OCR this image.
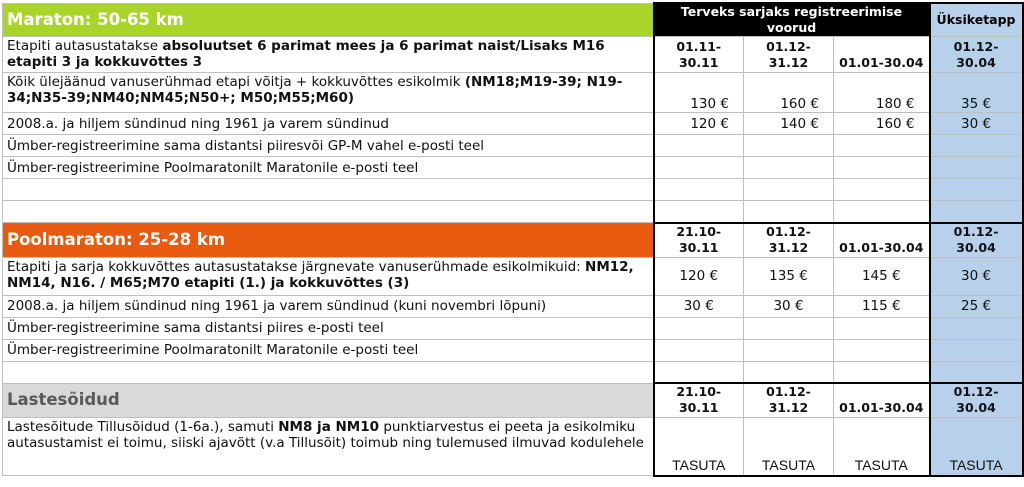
Maraton: 50-65 km	Terveks sarjaks registreerimise voorud			Üksiketapp
Etapiti autasustatakse absoluutset 6 parimat mees ja 6 parimat naist/Lisaks M16 etapiti 3 ja kokkuvõttes 3	01.11-30.11	01.12-31.12	01.01-30.04	01.12-30.04
Kõik ülejäänud vanuserühmad etapi võitja + kokkuvõttes esikolmik (NM18;M19-39; N19-34;N35-39;NM40;NM45;N50+; M50;M55;M60)	130 €	160 €	180 €	35 €
2008.a. ja hiljem sündinud ning 1961 ja varem sündinud	120 €	140 €	160 €	30 €
Ümber-registreerimine sama distantsi piiresvõi GP-M vahel e-posti teel				
Ümber-registreerimine Poolmaratonilt Maratonile e-posti teel				

Poolmaraton: 25-28 km	21.10-30.11	01.12-31.12	01.01-30.04	01.12-30.04
Etapiti ja sarja kokkuvõttes autasustatakse järgnevate vanuserühmade esikolmikuid: NM12, NM14, N16. / M65;M70 etapiti (1.) ja kokkuvõttes (3)	120 €	135 €	145 €	30 €
2008.a. ja hiljem sündinud ning 1961 ja varem sündinud (kuni novembri lõpuni)	30 €	30 €	115 €	25 €
Ümber-registreerimine sama distantsi piires e-posti teel				
Ümber-registreerimine Poolmaratonilt Maratonile e-posti teel				

Lastesõidud	21.10-30.11	01.12-31.12	01.01-30.04	01.12-30.04
Lastesõitude Tillusõidud (1-6a.), samuti NM8 ja NM10 punktiarvestus ei peeta ja esikolmiku autasustamist ei toimu, siiski ajavõtt (v.a Tillusõit) toimub ning tulemused ilmuvad kodulehele	TASUTA	TASUTA	TASUTA	TASUTA
